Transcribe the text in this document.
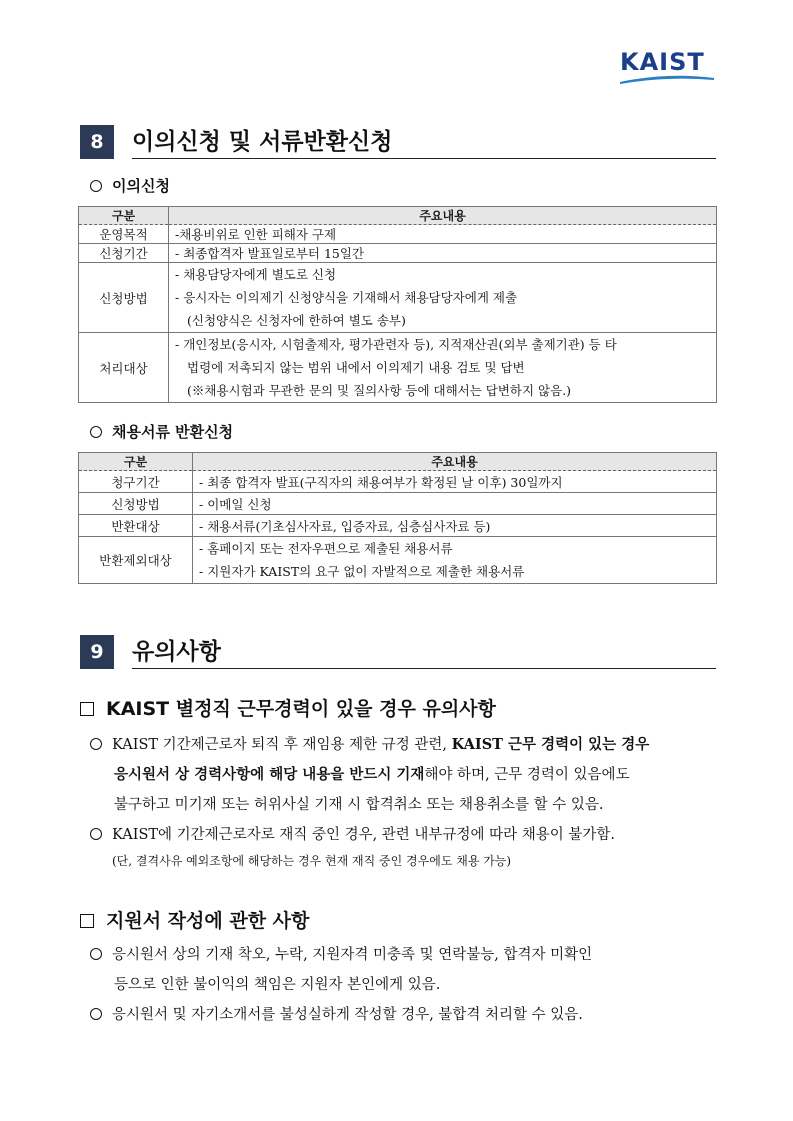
KAIST
8	이의신청 및 서류반환신청
이의신청
구분	주요내용
운영목적	-채용비위로 인한 피해자 구제
신청기간	- 최종합격자 발표일로부터 15일간
신청방법	- 채용담당자에게 별도로 신청
- 응시자는 이의제기 신청양식을 기재해서 채용담당자에게 제출
(신청양식은 신청자에 한하여 별도 송부)

처리대상	- 개인정보(응시자, 시험출제자, 평가관련자 등), 지적재산권(외부 출제기관) 등 타
법령에 저촉되지 않는 범위 내에서 이의제기 내용 검토 및 답변
(※채용시험과 무관한 문의 및 질의사항 등에 대해서는 답변하지 않음.)
채용서류 반환신청
구분	주요내용
청구기간	- 최종 합격자 발표(구직자의 채용여부가 확정된 날 이후) 30일까지
신청방법	- 이메일 신청
반환대상	- 채용서류(기초심사자료, 입증자료, 심층심사자료 등)
반환제외대상	- 홈페이지 또는 전자우편으로 제출된 채용서류
- 지원자가 KAIST의 요구 없이 자발적으로 제출한 채용서류
9	유의사항
KAIST 별정직 근무경력이 있을 경우 유의사항
KAIST 기간제근로자 퇴직 후 재임용 제한 규정 관련, KAIST 근무 경력이 있는 경우
응시원서 상 경력사항에 해당 내용을 반드시 기재해야 하며, 근무 경력이 있음에도
불구하고 미기재 또는 허위사실 기재 시 합격취소 또는 채용취소를 할 수 있음.
KAIST에 기간제근로자로 재직 중인 경우, 관련 내부규정에 따라 채용이 불가함.
(단, 결격사유 예외조항에 해당하는 경우 현재 재직 중인 경우에도 채용 가능)
지원서 작성에 관한 사항
응시원서 상의 기재 착오, 누락, 지원자격 미충족 및 연락불능, 합격자 미확인
등으로 인한 불이익의 책임은 지원자 본인에게 있음.
응시원서 및 자기소개서를 불성실하게 작성할 경우, 불합격 처리할 수 있음.
